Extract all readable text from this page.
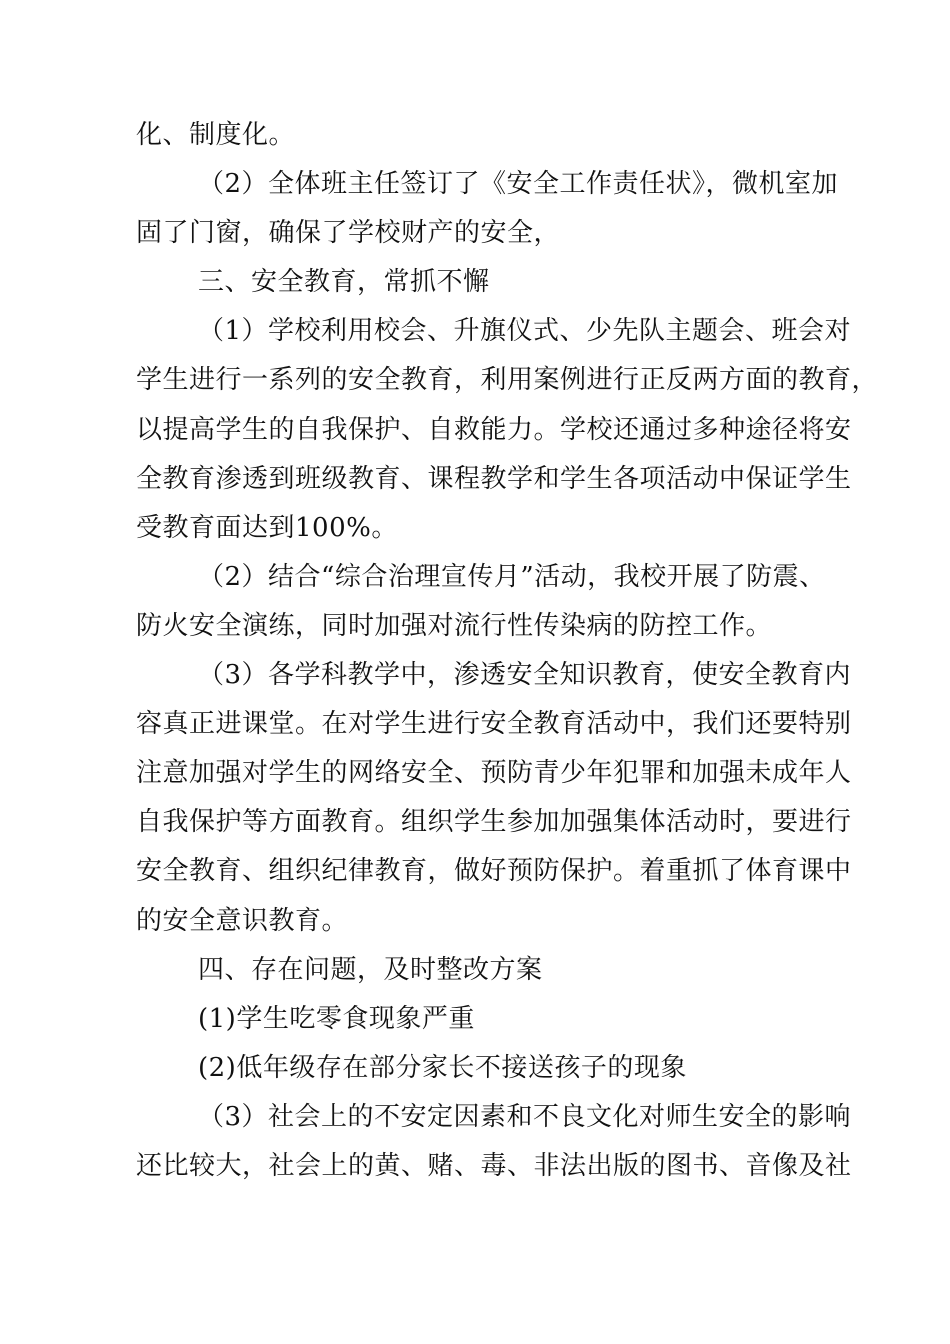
化、制度化。
（2）全体班主任签订了《安全工作责任状》，微机室加
固了门窗，确保了学校财产的安全，
三、安全教育，常抓不懈
（1）学校利用校会、升旗仪式、少先队主题会、班会对
学生进行一系列的安全教育，利用案例进行正反两方面的教育，
以提高学生的自我保护、自救能力。学校还通过多种途径将安
全教育渗透到班级教育、课程教学和学生各项活动中保证学生
受教育面达到100%。
（2）结合“综合治理宣传月”活动，我校开展了防震、
防火安全演练，同时加强对流行性传染病的防控工作。
（3）各学科教学中，渗透安全知识教育，使安全教育内
容真正进课堂。在对学生进行安全教育活动中，我们还要特别
注意加强对学生的网络安全、预防青少年犯罪和加强未成年人
自我保护等方面教育。组织学生参加加强集体活动时，要进行
安全教育、组织纪律教育，做好预防保护。着重抓了体育课中
的安全意识教育。
四、存在问题，及时整改方案
(1)学生吃零食现象严重
(2)低年级存在部分家长不接送孩子的现象
（3）社会上的不安定因素和不良文化对师生安全的影响
还比较大，社会上的黄、赌、毒、非法出版的图书、音像及社
